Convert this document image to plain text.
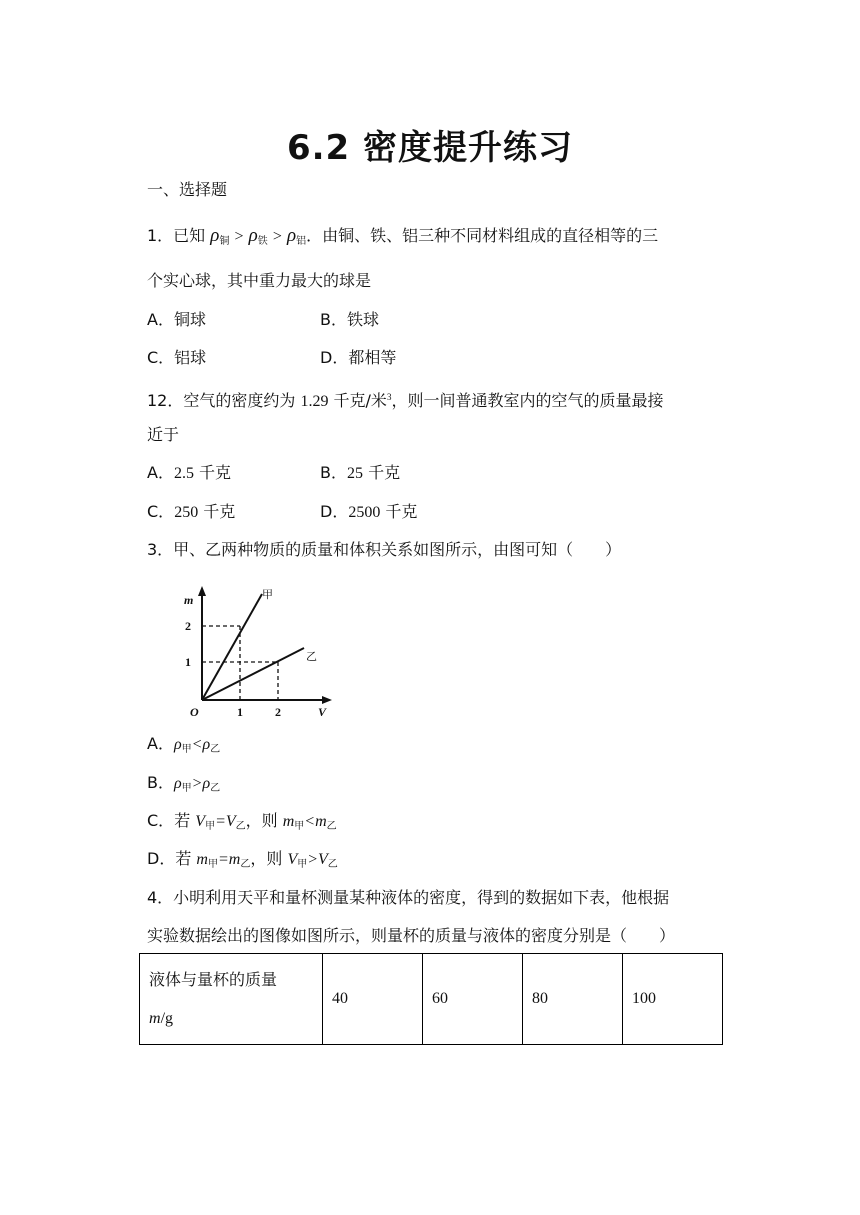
6.2 密度提升练习
一、选择题
1．已知 $\rho_铜 > \rho_铁 > \rho_铝$．由铜、铁、铝三种不同材料组成的直径相等的三
个实心球，其中重力最大的球是
A．铜球	B．铁球
C．铝球	D．都相等
12．空气的密度约为 1.29 千克/米$^3$，则一间普通教室内的空气的质量最接
近于
A．2.5 千克	B．25 千克
C．250 千克	D．2500 千克
3．甲、乙两种物质的质量和体积关系如图所示，由图可知（　　）
m
V
O	1	2
1
2
甲
乙
A．$\rho_甲<\rho_乙$
B．$\rho_甲>\rho_乙$
C．若 $V_甲=V_乙$，则 $m_甲<m_乙$
D．若 $m_甲=m_乙$，则 $V_甲>V_乙$
4．小明利用天平和量杯测量某种液体的密度，得到的数据如下表，他根据
实验数据绘出的图像如图所示，则量杯的质量与液体的密度分别是（　　）
液体与量杯的质量
m/g
	40	60	80	100
